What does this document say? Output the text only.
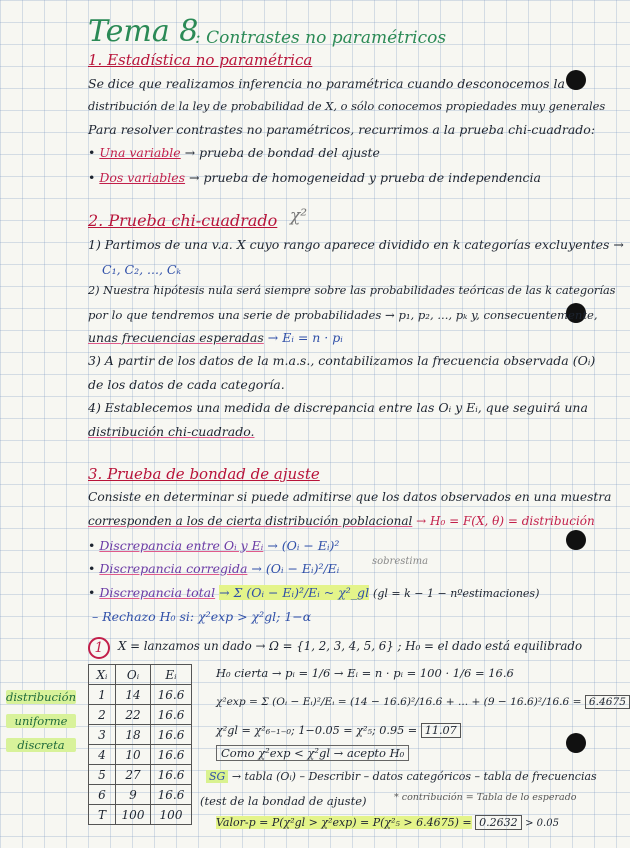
Tema 8
: Contrastes no paramétricos
1. Estadística no paramétrica
Se dice que realizamos inferencia no paramétrica cuando desconocemos la
distribución de la ley de probabilidad de X, o sólo conocemos propiedades muy generales
Para resolver contrastes no paramétricos, recurrimos a la prueba chi-cuadrado:
• Una variable → prueba de bondad del ajuste
• Dos variables → prueba de homogeneidad y prueba de independencia
2. Prueba chi-cuadrado χ²
1) Partimos de una v.a. X cuyo rango aparece dividido en k categorías excluyentes →
C₁, C₂, ..., Cₖ
2) Nuestra hipótesis nula será siempre sobre las probabilidades teóricas de las k categorías
por lo que tendremos una serie de probabilidades → p₁, p₂, ..., pₖ y, consecuentemente,
unas frecuencias esperadas → Eᵢ = n · pᵢ
3) A partir de los datos de la m.a.s., contabilizamos la frecuencia observada (Oᵢ)
de los datos de cada categoría.
4) Establecemos una medida de discrepancia entre las Oᵢ y Eᵢ, que seguirá una
distribución chi-cuadrado.
3. Prueba de bondad de ajuste
Consiste en determinar si puede admitirse que los datos observados en una muestra
corresponden a los de cierta distribución poblacional → H₀ = F(X, θ) = distribución
• Discrepancia entre Oᵢ y Eᵢ → (Oᵢ − Eᵢ)²
• Discrepancia corregida → (Oᵢ − Eᵢ)²/Eᵢ	sobrestima
• Discrepancia total → Σ (Oᵢ − Eᵢ)²/Eᵢ ~ χ²_gl (gl = k − 1 − nºestimaciones)
– Rechazo H₀ si: χ²exp > χ²gl; 1−α
1	X = lanzamos un dado → Ω = {1, 2, 3, 4, 5, 6} ; H₀ = el dado está equilibrado
distribución
uniforme
discreta
Xᵢ	Oᵢ	Eᵢ
1	14	16.6
2	22	16.6
3	18	16.6
4	10	16.6
5	27	16.6
6	9	16.6
T	100	100
H₀ cierta → pᵢ = 1/6 → Eᵢ = n · pᵢ = 100 · 1/6 = 16.6
χ²exp = Σ (Oᵢ − Eᵢ)²/Eᵢ = (14 − 16.6)²/16.6 + ... + (9 − 16.6)²/16.6 = 6.4675
χ²gl = χ²₆₋₁₋₀; 1−0.05 = χ²₅; 0.95 = 11.07
Como χ²exp < χ²gl → acepto H₀
SG → tabla (Oᵢ) – Describir – datos categóricos – tabla de frecuencias
(test de la bondad de ajuste)	* contribución = Tabla de lo esperado
Valor-p = P(χ²gl > χ²exp) = P(χ²₅ > 6.4675) = 0.2632 > 0.05
